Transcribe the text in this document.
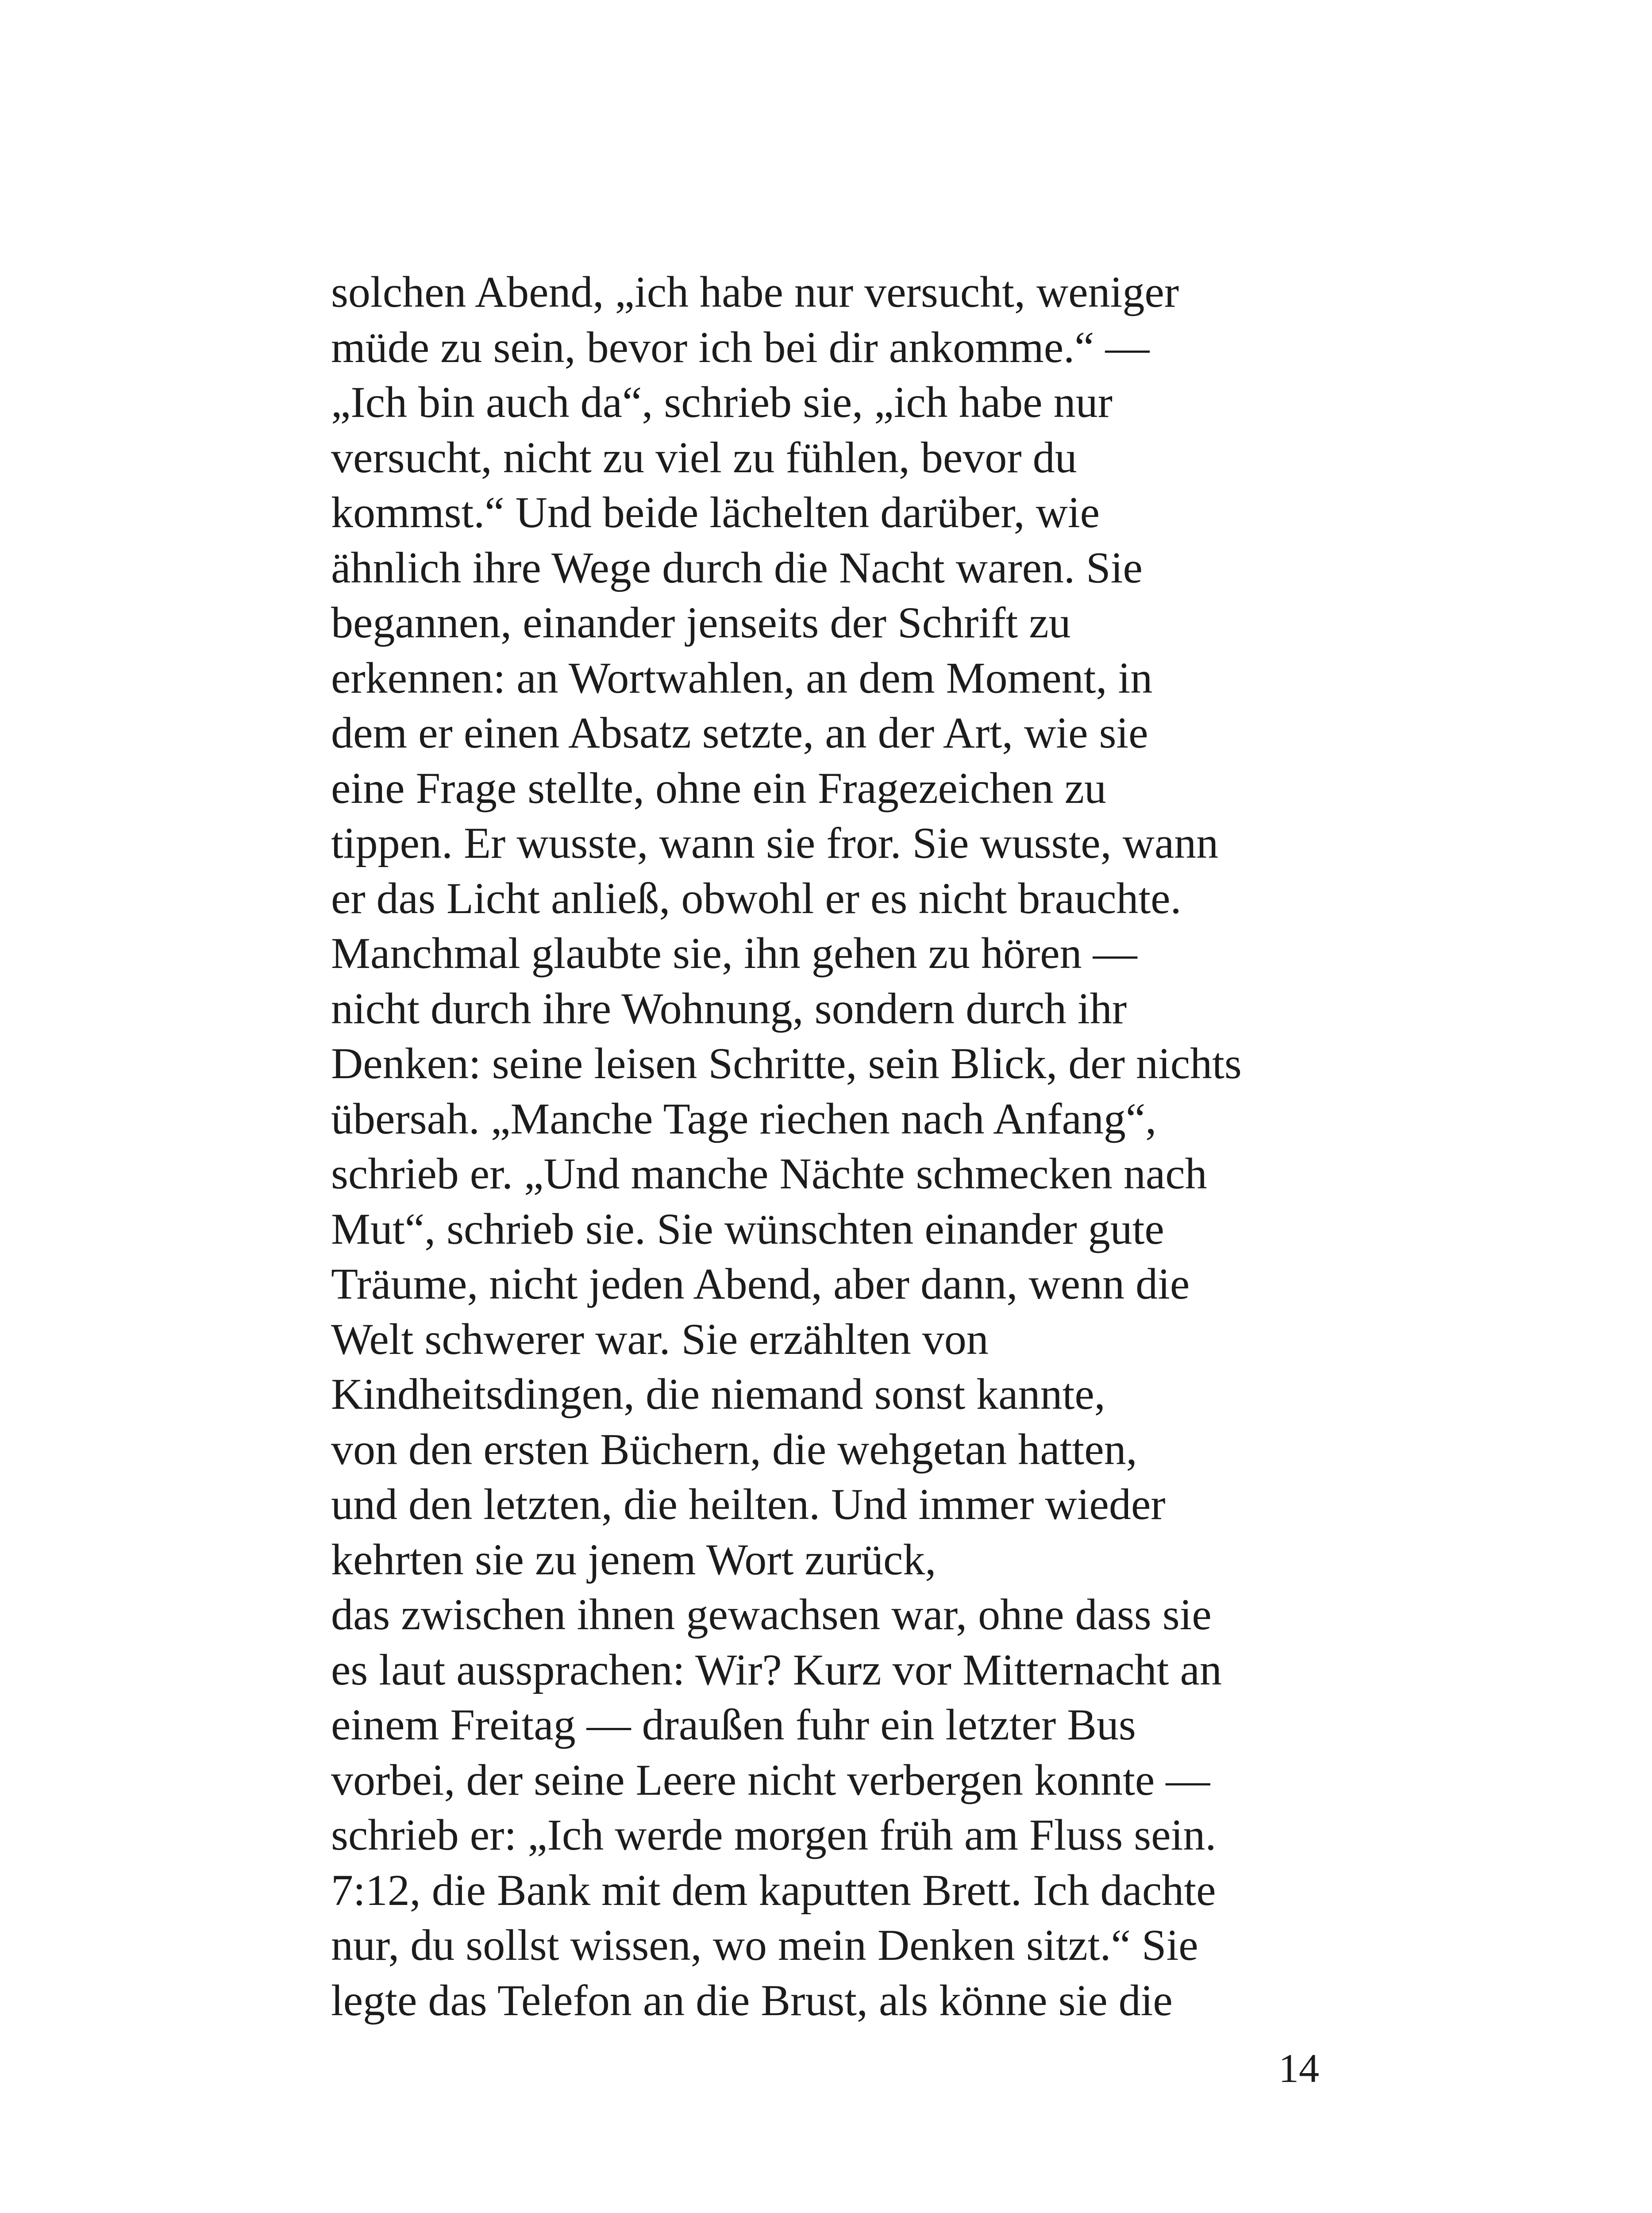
solchen Abend, „ich habe nur versucht, weniger
müde zu sein, bevor ich bei dir ankomme.“ —
„Ich bin auch da“, schrieb sie, „ich habe nur
versucht, nicht zu viel zu fühlen, bevor du
kommst.“ Und beide lächelten darüber, wie
ähnlich ihre Wege durch die Nacht waren. Sie
begannen, einander jenseits der Schrift zu
erkennen: an Wortwahlen, an dem Moment, in
dem er einen Absatz setzte, an der Art, wie sie
eine Frage stellte, ohne ein Fragezeichen zu
tippen. Er wusste, wann sie fror. Sie wusste, wann
er das Licht anließ, obwohl er es nicht brauchte.
Manchmal glaubte sie, ihn gehen zu hören —
nicht durch ihre Wohnung, sondern durch ihr
Denken: seine leisen Schritte, sein Blick, der nichts
übersah. „Manche Tage riechen nach Anfang“,
schrieb er. „Und manche Nächte schmecken nach
Mut“, schrieb sie. Sie wünschten einander gute
Träume, nicht jeden Abend, aber dann, wenn die
Welt schwerer war. Sie erzählten von
Kindheitsdingen, die niemand sonst kannte,
von den ersten Büchern, die wehgetan hatten,
und den letzten, die heilten. Und immer wieder
kehrten sie zu jenem Wort zurück,
das zwischen ihnen gewachsen war, ohne dass sie
es laut aussprachen: Wir? Kurz vor Mitternacht an
einem Freitag — draußen fuhr ein letzter Bus
vorbei, der seine Leere nicht verbergen konnte —
schrieb er: „Ich werde morgen früh am Fluss sein.
7:12, die Bank mit dem kaputten Brett. Ich dachte
nur, du sollst wissen, wo mein Denken sitzt.“ Sie
legte das Telefon an die Brust, als könne sie die
14
